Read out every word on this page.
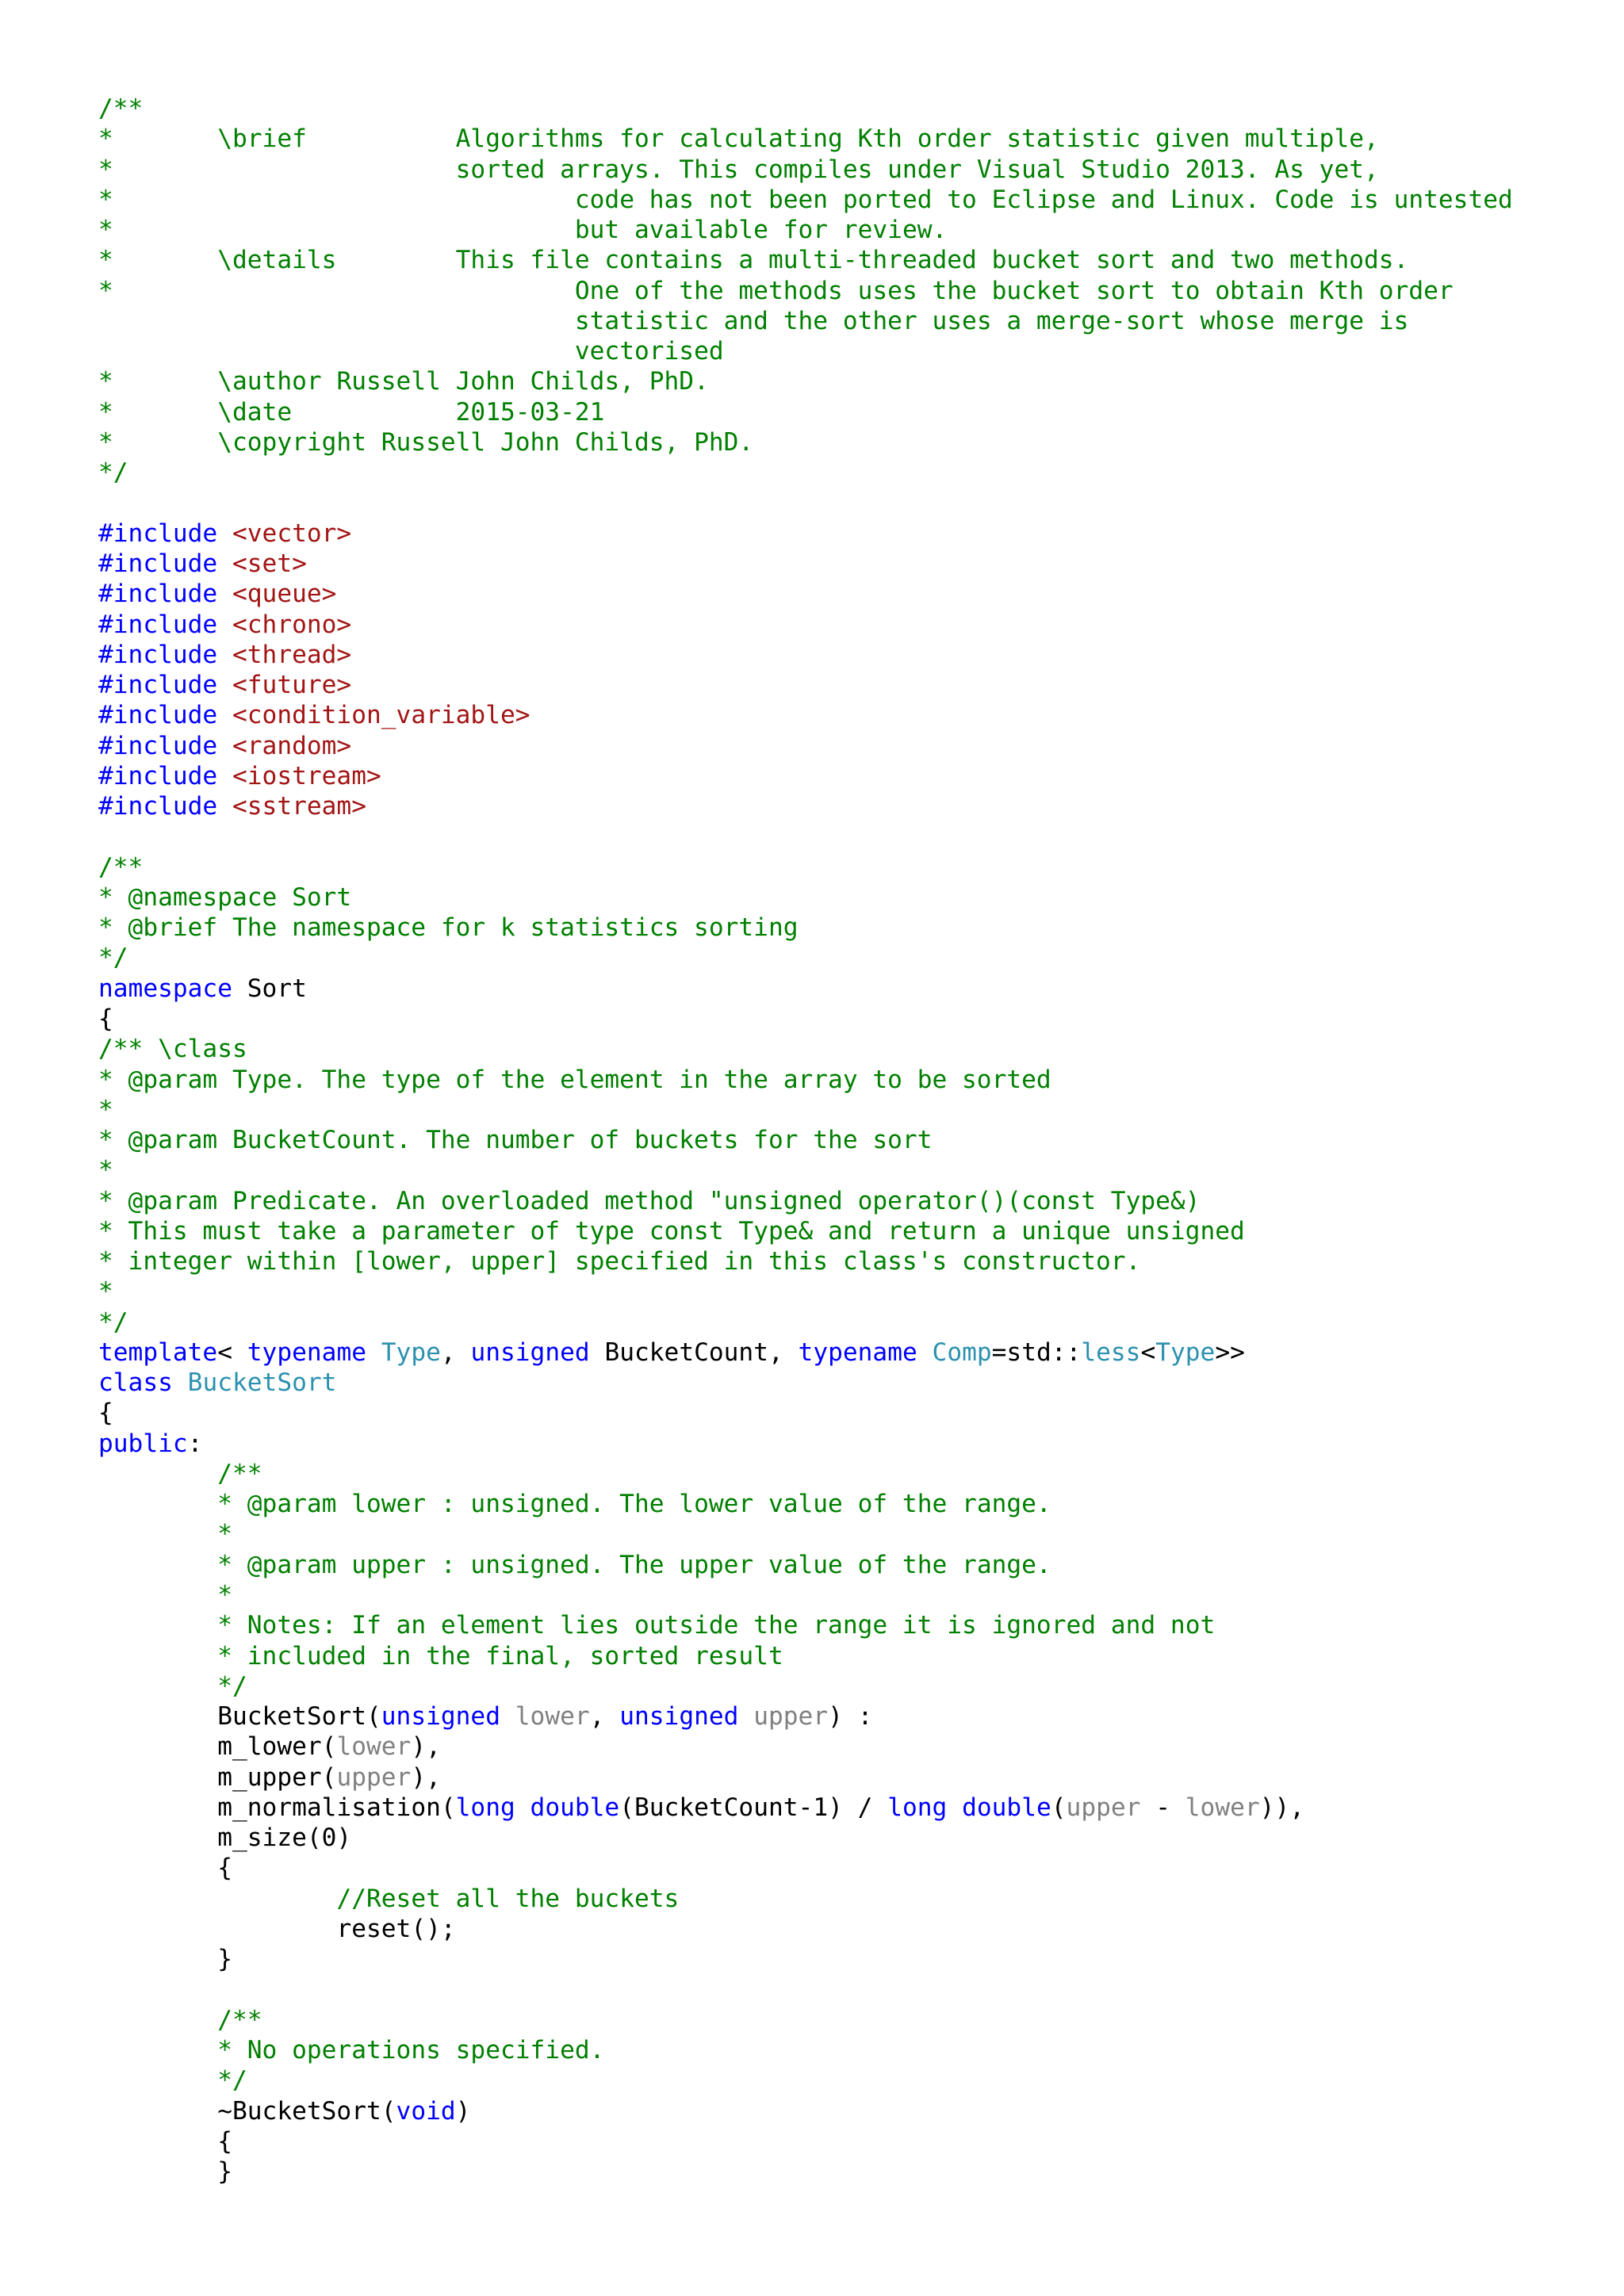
/**
*	\brief		Algorithms for calculating Kth order statistic given multiple,
*			sorted arrays. This compiles under Visual Studio 2013. As yet,
*				code has not been ported to Eclipse and Linux. Code is untested
*				but available for review.
*	\details	This file contains a multi-threaded bucket sort and two methods.
*				One of the methods uses the bucket sort to obtain Kth order
				statistic and the other uses a merge-sort whose merge is
				vectorised
*	\author	Russell John Childs, PhD.
*	\date		2015-03-21
*	\copyright Russell John Childs, PhD.
*/
#include <vector>
#include <set>
#include <queue>
#include <chrono>
#include <thread>
#include <future>
#include <condition_variable>
#include <random>
#include <iostream>
#include <sstream>
/**
* @namespace Sort
* @brief The namespace for k statistics sorting
*/
namespace Sort
{
/** \class
* @param Type. The type of the element in the array to be sorted
*
* @param BucketCount. The number of buckets for the sort
*
* @param Predicate. An overloaded method "unsigned operator()(const Type&)
* This must take a parameter of type const Type& and return a unique unsigned
* integer within [lower, upper] specified in this class's constructor.
*
*/
template< typename Type, unsigned BucketCount, typename Comp=std::less<Type>>
class BucketSort
{
public:
	/**
	* @param lower : unsigned. The lower value of the range.
	*
	* @param upper : unsigned. The upper value of the range.
	*
	* Notes: If an element lies outside the range it is ignored and not
	* included in the final, sorted result
	*/
	BucketSort(unsigned lower, unsigned upper) :
	m_lower(lower),
	m_upper(upper),
	m_normalisation(long double(BucketCount-1) / long double(upper - lower)),
	m_size(0)
	{
		//Reset all the buckets
		reset();
	}
	/**
	* No operations specified.
	*/
	~BucketSort(void)
	{
	}
